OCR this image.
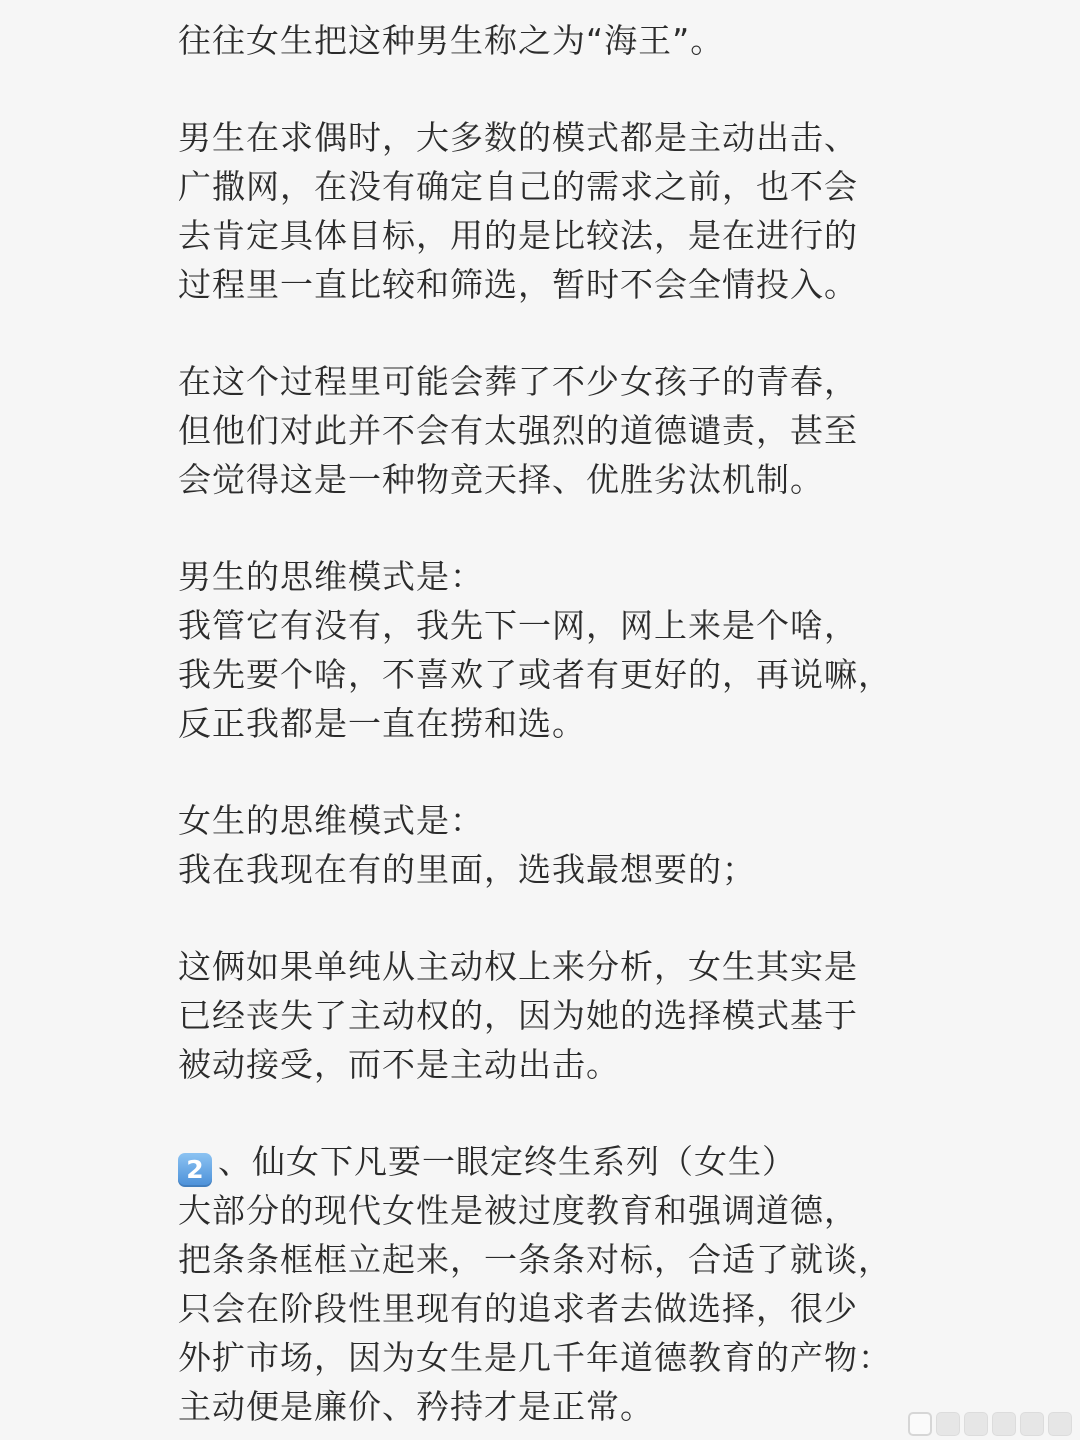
往往女生把这种男生称之为“海王”。
男生在求偶时，大多数的模式都是主动出击、
广撒网，在没有确定自己的需求之前，也不会
去肯定具体目标，用的是比较法，是在进行的
过程里一直比较和筛选，暂时不会全情投入。
在这个过程里可能会葬了不少女孩子的青春，
但他们对此并不会有太强烈的道德谴责，甚至
会觉得这是一种物竞天择、优胜劣汰机制。
男生的思维模式是：
我管它有没有，我先下一网，网上来是个啥，
我先要个啥，不喜欢了或者有更好的，再说嘛，
反正我都是一直在捞和选。
女生的思维模式是：
我在我现在有的里面，选我最想要的；
这俩如果单纯从主动权上来分析，女生其实是
已经丧失了主动权的，因为她的选择模式基于
被动接受，而不是主动出击。
2 、仙女下凡要一眼定终生系列（女生）
大部分的现代女性是被过度教育和强调道德，
把条条框框立起来，一条条对标，合适了就谈，
只会在阶段性里现有的追求者去做选择，很少
外扩市场，因为女生是几千年道德教育的产物：
主动便是廉价、矜持才是正常。
